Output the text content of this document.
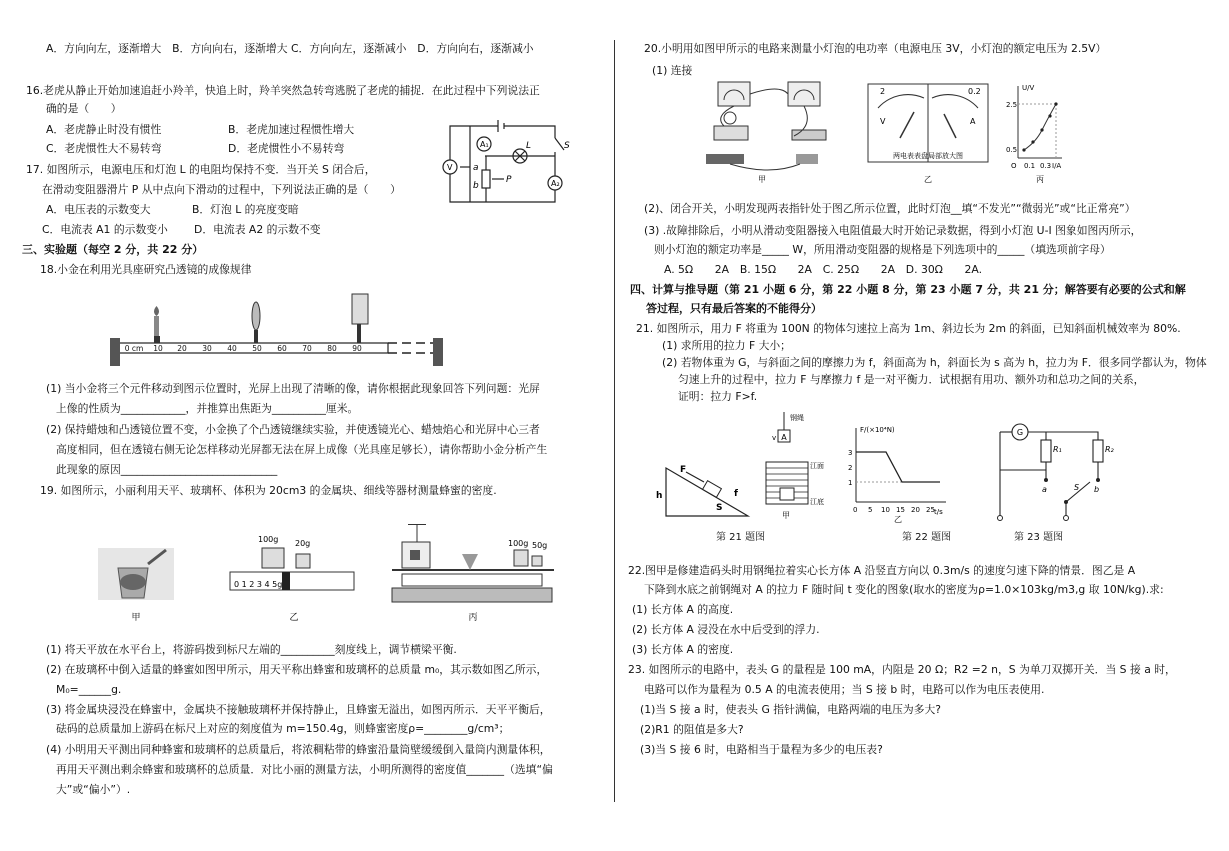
A．方向向左，逐渐增大　B．方向向右，逐渐增大 C．方向向左，逐渐减小　D．方向向右，逐渐减小
16.老虎从静止开始加速追赶小羚羊，快追上时，羚羊突然急转弯逃脱了老虎的捕捉．在此过程中下列说法正
确的是（　　）
A．老虎静止时没有惯性	B．老虎加速过程惯性增大
C．老虎惯性大不易转弯	D．老虎惯性小不易转弯
17. 如图所示，电源电压和灯泡 L 的电阻均保持不变．当开关 S 闭合后，
在滑动变阻器滑片 P 从中点向下滑动的过程中，下列说法正确的是（　　）
A．电压表的示数变大	B．灯泡 L 的亮度变暗
C．电流表 A1 的示数变小 D．电流表 A2 的示数不变
A₁
A₂
V
L	S
P
a
b
三、实验题（每空 2 分，共 22 分）
18.小金在利用光具座研究凸透镜的成像规律
0 cm 10 20 30 40 50 60 70 80 90
(1) 当小金将三个元件移动到图示位置时，光屏上出现了清晰的像，请你根据此现象回答下列问题：光屏
上像的性质为____________，并推算出焦距为__________厘米。
(2) 保持蜡烛和凸透镜位置不变，小金换了个凸透镜继续实验，并使透镜光心、蜡烛焰心和光屏中心三者
高度相同，但在透镜右侧无论怎样移动光屏都无法在屏上成像（光具座足够长），请你帮助小金分析产生
此现象的原因_____________________________
19. 如图所示，小丽利用天平、玻璃杯、体积为 20cm3 的金属块、细线等器材测量蜂蜜的密度.
甲
100g 20g
0 1 2 3 4 5g
乙
100g 50g
丙
(1) 将天平放在水平台上，将游码拨到标尺左端的__________刻度线上，调节横梁平衡.
(2) 在玻璃杯中倒入适量的蜂蜜如图甲所示，用天平称出蜂蜜和玻璃杯的总质量 m₀，其示数如图乙所示，
M₀=______g.
(3) 将金属块浸没在蜂蜜中，金属块不接触玻璃杯并保持静止，且蜂蜜无溢出，如图丙所示．天平平衡后，
砝码的总质量加上游码在标尺上对应的刻度值为 m=150.4g，则蜂蜜密度ρ=________g/cm³；
(4) 小明用天平测出同种蜂蜜和玻璃杯的总质量后，将浓稠粘带的蜂蜜沿量筒壁缓缓倒入量筒内测量体积，
再用天平测出剩余蜂蜜和玻璃杯的总质量．对比小丽的测量方法，小明所测得的密度值_______（选填“偏
大”或“偏小”）.
20.小明用如图甲所示的电路来测量小灯泡的电功率（电源电压 3V，小灯泡的额定电压为 2.5V）
(1) 连接
甲
2	0.2
V	A
两电表表盘局部放大图
乙
U/V
I/A
2.5
0.5
O 0.1 0.3
丙
(2)、闭合开关，小明发现两表指针处于图乙所示位置，此时灯泡__填“不发光”“微弱光”或“比正常亮”）
(3) .故障排除后，小明从滑动变阻器接入电阻值最大时开始记录数据，得到小灯泡 U-I 图象如图丙所示，
则小灯泡的额定功率是_____ W，所用滑动变阻器的规格是下列选项中的_____（填选项前字母）
A. 5Ω　　2A　B. 15Ω　　2A　C. 25Ω　　2A　D. 30Ω　　2A.
四、计算与推导题（第 21 小题 6 分，第 22 小题 8 分，第 23 小题 7 分，共 21 分；解答要有必要的公式和解
答过程，只有最后答案的不能得分）
21. 如图所示，用力 F 将重为 100N 的物体匀速拉上高为 1m、斜边长为 2m 的斜面，已知斜面机械效率为 80%.
(1) 求所用的拉力 F 大小；
(2) 若物体重为 G，与斜面之间的摩擦力为 f，斜面高为 h，斜面长为 s 高为 h，拉力为 F．很多同学都认为，物体
匀速上升的过程中，拉力 F 与摩擦力 f 是一对平衡力．试根据有用功、额外功和总功之间的关系，
证明：拉力 F>f.
F
f
h
S
A
钢绳
v
江面
江底
甲
F/(×10⁴N)
t/s
3
2
1
0 5 10 15 20 25
乙
G
R₁	R₂
S
a	b
第 21 题图	第 22 题图	第 23 题图
22.图甲是修建造码头时用钢绳拉着实心长方体 A 沿竖直方向以 0.3m/s 的速度匀速下降的情景．图乙是 A
下降到水底之前钢绳对 A 的拉力 F 随时间 t 变化的图象(取水的密度为ρ=1.0×103kg/m3,g 取 10N/kg).求:
(1) 长方体 A 的高度.
(2) 长方体 A 浸没在水中后受到的浮力.
(3) 长方体 A 的密度.
23. 如图所示的电路中，表头 G 的量程是 100 mA，内阻是 20 Ω；R2 =2 n，S 为单刀双掷开关．当 S 接 a 时，
电路可以作为量程为 0.5 A 的电流表使用；当 S 接 b 时，电路可以作为电压表使用.
(1)当 S 接 a 时，使表头 G 指针满偏，电路两端的电压为多大?
(2)R1 的阻值是多大?
(3)当 S 接 6 时，电路相当于量程为多少的电压表?
